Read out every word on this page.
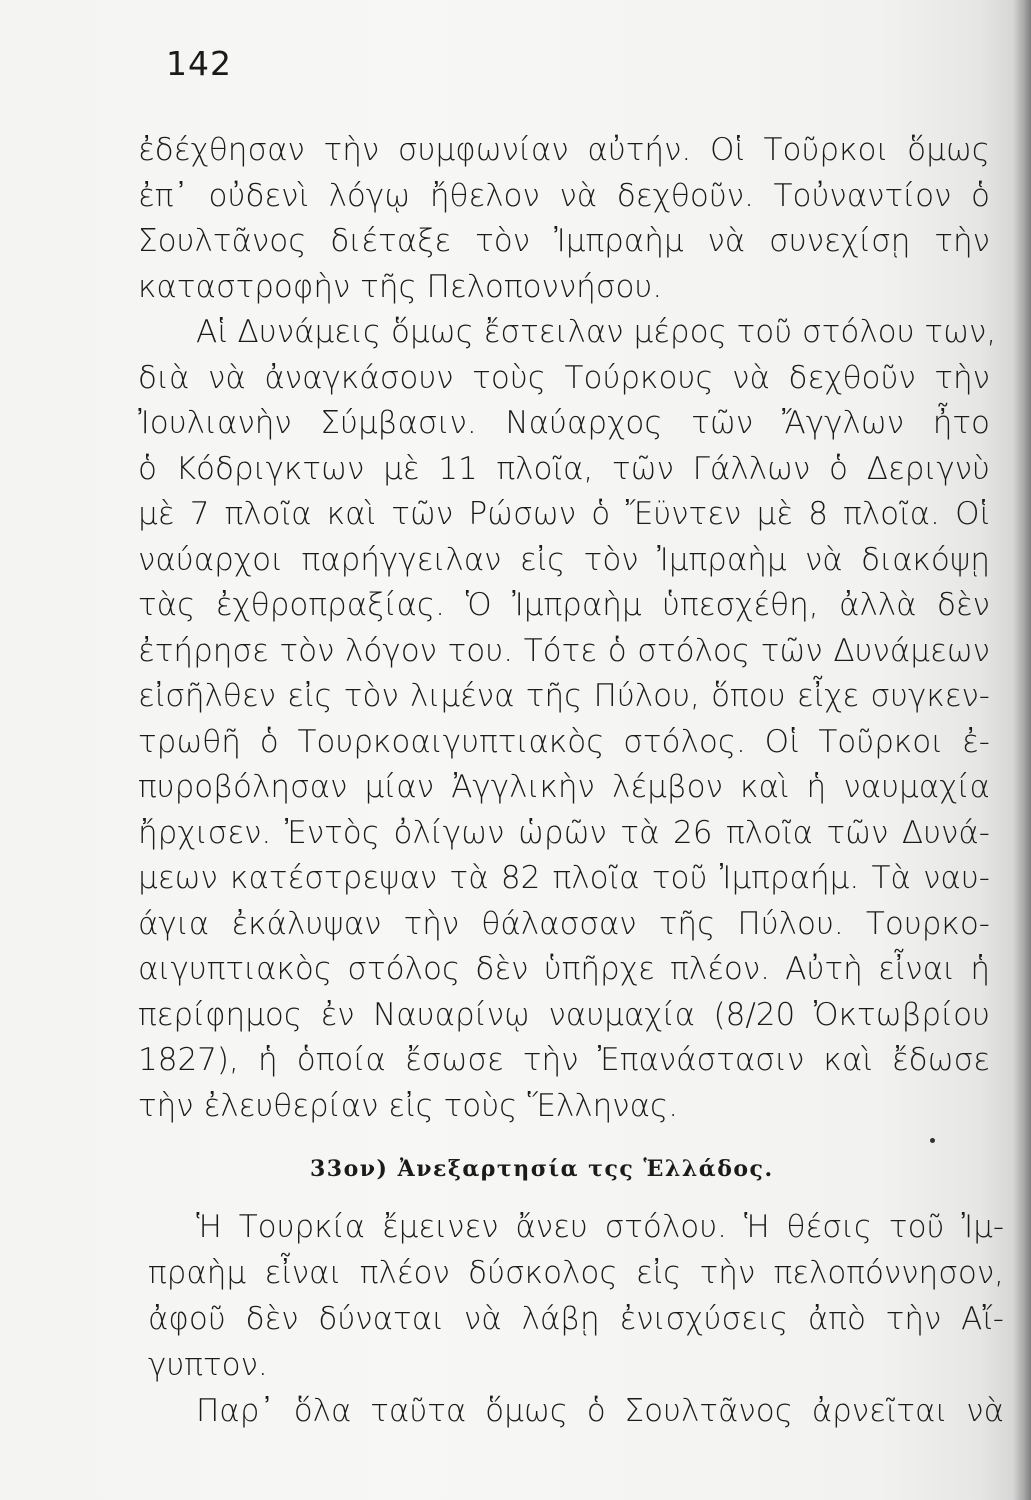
142
ἐδέχθησαν τὴν συμφωνίαν αὐτήν. Οἱ Τοῦρκοι ὅμως
ἐπ᾽ οὐδενὶ λόγῳ ἤθελον νὰ δεχθοῦν. Τοὐναντίον ὁ
Σουλτᾶνος διέταξε τὸν Ἰμπραὴμ νὰ συνεχίσῃ τὴν
καταστροφὴν τῆς Πελοποννήσου.
Αἱ Δυνάμεις ὅμως ἔστειλαν μέρος τοῦ στόλου των,
διὰ νὰ ἀναγκάσουν τοὺς Τούρκους νὰ δεχθοῦν τὴν
Ἰουλιανὴν Σύμβασιν. Ναύαρχος τῶν Ἄγγλων ἦτο
ὁ Κόδριγκτων μὲ 11 πλοῖα, τῶν Γάλλων ὁ Δεριγνὺ
μὲ 7 πλοῖα καὶ τῶν Ρώσων ὁ Ἔϋντεν μὲ 8 πλοῖα. Οἱ
ναύαρχοι παρήγγειλαν εἰς τὸν Ἰμπραὴμ νὰ διακόψῃ
τὰς ἐχθροπραξίας. Ὁ Ἰμπραὴμ ὑπεσχέθη, ἀλλὰ δὲν
ἐτήρησε τὸν λόγον του. Τότε ὁ στόλος τῶν Δυνάμεων
εἰσῆλθεν εἰς τὸν λιμένα τῆς Πύλου, ὅπου εἶχε συγκεν-
τρωθῆ ὁ Τουρκοαιγυπτιακὸς στόλος. Οἱ Τοῦρκοι ἐ-
πυροβόλησαν μίαν Ἀγγλικὴν λέμβον καὶ ἡ ναυμαχία
ἤρχισεν. Ἐντὸς ὀλίγων ὡρῶν τὰ 26 πλοῖα τῶν Δυνά-
μεων κατέστρεψαν τὰ 82 πλοῖα τοῦ Ἰμπραήμ. Τὰ ναυ-
άγια ἐκάλυψαν τὴν θάλασσαν τῆς Πύλου. Τουρκο-
αιγυπτιακὸς στόλος δὲν ὑπῆρχε πλέον. Αὐτὴ εἶναι ἡ
περίφημος ἐν Ναυαρίνῳ ναυμαχία (8/20 Ὀκτωβρίου
1827), ἡ ὁποία ἔσωσε τὴν Ἐπανάστασιν καὶ ἔδωσε
τὴν ἐλευθερίαν εἰς τοὺς Ἕλληνας.
33ον) Ἀνεξαρτησία τςς Ἑλλάδος.
Ἡ Τουρκία ἔμεινεν ἄνευ στόλου. Ἡ θέσις τοῦ Ἰμ-
πραὴμ εἶναι πλέον δύσκολος εἰς τὴν πελοπόννησον,
ἀφοῦ δὲν δύναται νὰ λάβῃ ἐνισχύσεις ἀπὸ τὴν Αἴ-
γυπτον.
Παρ᾽ ὅλα ταῦτα ὅμως ὁ Σουλτᾶνος ἀρνεῖται νὰ
